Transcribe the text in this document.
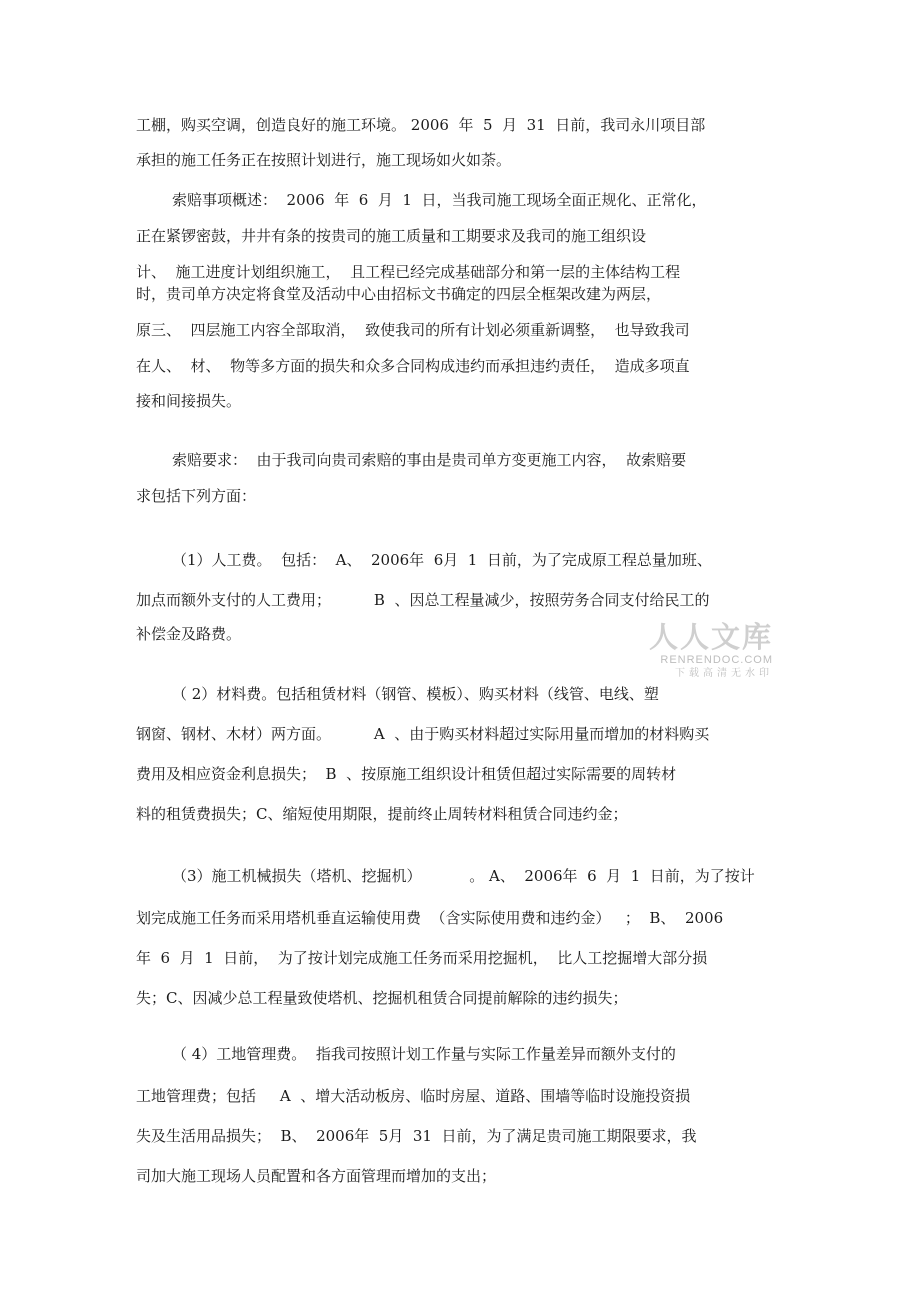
工棚，购买空调，创造良好的施工环境。 2006  年  5  月  31  日前，我司永川项目部
承担的施工任务正在按照计划进行，施工现场如火如荼。
索赔事项概述：  2006  年  6  月  1  日，当我司施工现场全面正规化、正常化，
正在紧锣密鼓，井井有条的按贵司的施工质量和工期要求及我司的施工组织设
计、  施工进度计划组织施工，  且工程已经完成基础部分和第一层的主体结构工程
时，贵司单方决定将食堂及活动中心由招标文书确定的四层全框架改建为两层，
原三、  四层施工内容全部取消，  致使我司的所有计划必须重新调整，  也导致我司
在人、  材、  物等多方面的损失和众多合同构成违约而承担违约责任，  造成多项直
接和间接损失。
索赔要求：  由于我司向贵司索赔的事由是贵司单方变更施工内容，  故索赔要
求包括下列方面：
（1）人工费。  包括：  A、  2006年  6月  1  日前，为了完成原工程总量加班、
加点而额外支付的人工费用；         B  、因总工程量减少，按照劳务合同支付给民工的
补偿金及路费。
（ 2）材料费。包括租赁材料（钢管、模板）、购买材料（线管、电线、塑
钢窗、钢材、木材）两方面。         A  、由于购买材料超过实际用量而增加的材料购买
费用及相应资金利息损失；  B  、按原施工组织设计租赁但超过实际需要的周转材
料的租赁费损失；C、缩短使用期限，提前终止周转材料租赁合同违约金；
（3）施工机械损失（塔机、挖掘机）          。 A、  2006年  6  月  1  日前，为了按计
划完成施工任务而采用塔机垂直运输使用费  （含实际使用费和违约金）   ；  B、  2006
年  6  月  1  日前，  为了按计划完成施工任务而采用挖掘机，  比人工挖掘增大部分损
失；C、因减少总工程量致使塔机、挖掘机租赁合同提前解除的违约损失；
（ 4）工地管理费。  指我司按照计划工作量与实际工作量差异而额外支付的
工地管理费；包括     A  、增大活动板房、临时房屋、道路、围墙等临时设施投资损
失及生活用品损失；  B、  2006年  5月  31  日前，为了满足贵司施工期限要求，我
司加大施工现场人员配置和各方面管理而增加的支出；
人人文库
RENRENDOC.COM
下载高清无水印
